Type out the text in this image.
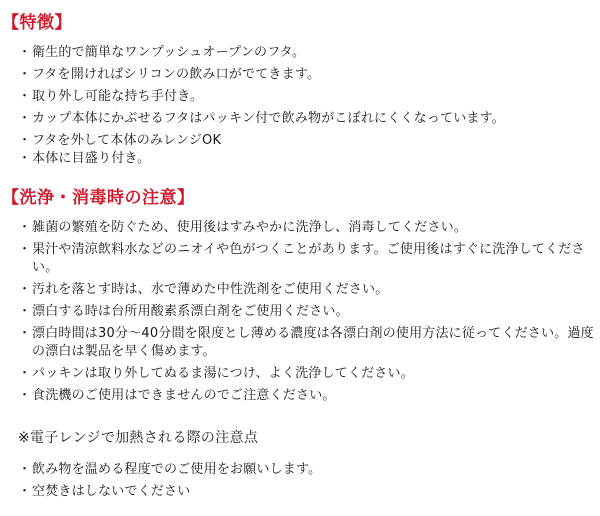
【特徴】
・ 衛生的で簡単なワンプッシュオープンのフタ。
・ フタを開ければシリコンの飲み口がでてきます。
・ 取り外し可能な持ち手付き。
・ カップ本体にかぶせるフタはパッキン付で飲み物がこぼれにくくなっています。
・ フタを外して本体のみレンジOK
・ 本体に目盛り付き。
【洗浄・消毒時の注意】
・ 雑菌の繁殖を防ぐため、使用後はすみやかに洗浄し、消毒してください。
・ 果汁や清涼飲料水などのニオイや色がつくことがあります。ご使用後はすぐに洗浄してください。
・ 汚れを落とす時は、水で薄めた中性洗剤をご使用ください。
・ 漂白する時は台所用酸素系漂白剤をご使用ください。
・ 漂白時間は30分〜40分間を限度とし薄める濃度は各漂白剤の使用方法に従ってください。過度の漂白は製品を早く傷めます。
・ パッキンは取り外してぬるま湯につけ、よく洗浄してください。
・ 食洗機のご使用はできませんのでご注意ください。
※電子レンジで加熱される際の注意点
・ 飲み物を温める程度でのご使用をお願いします。
・ 空焚きはしないでください
